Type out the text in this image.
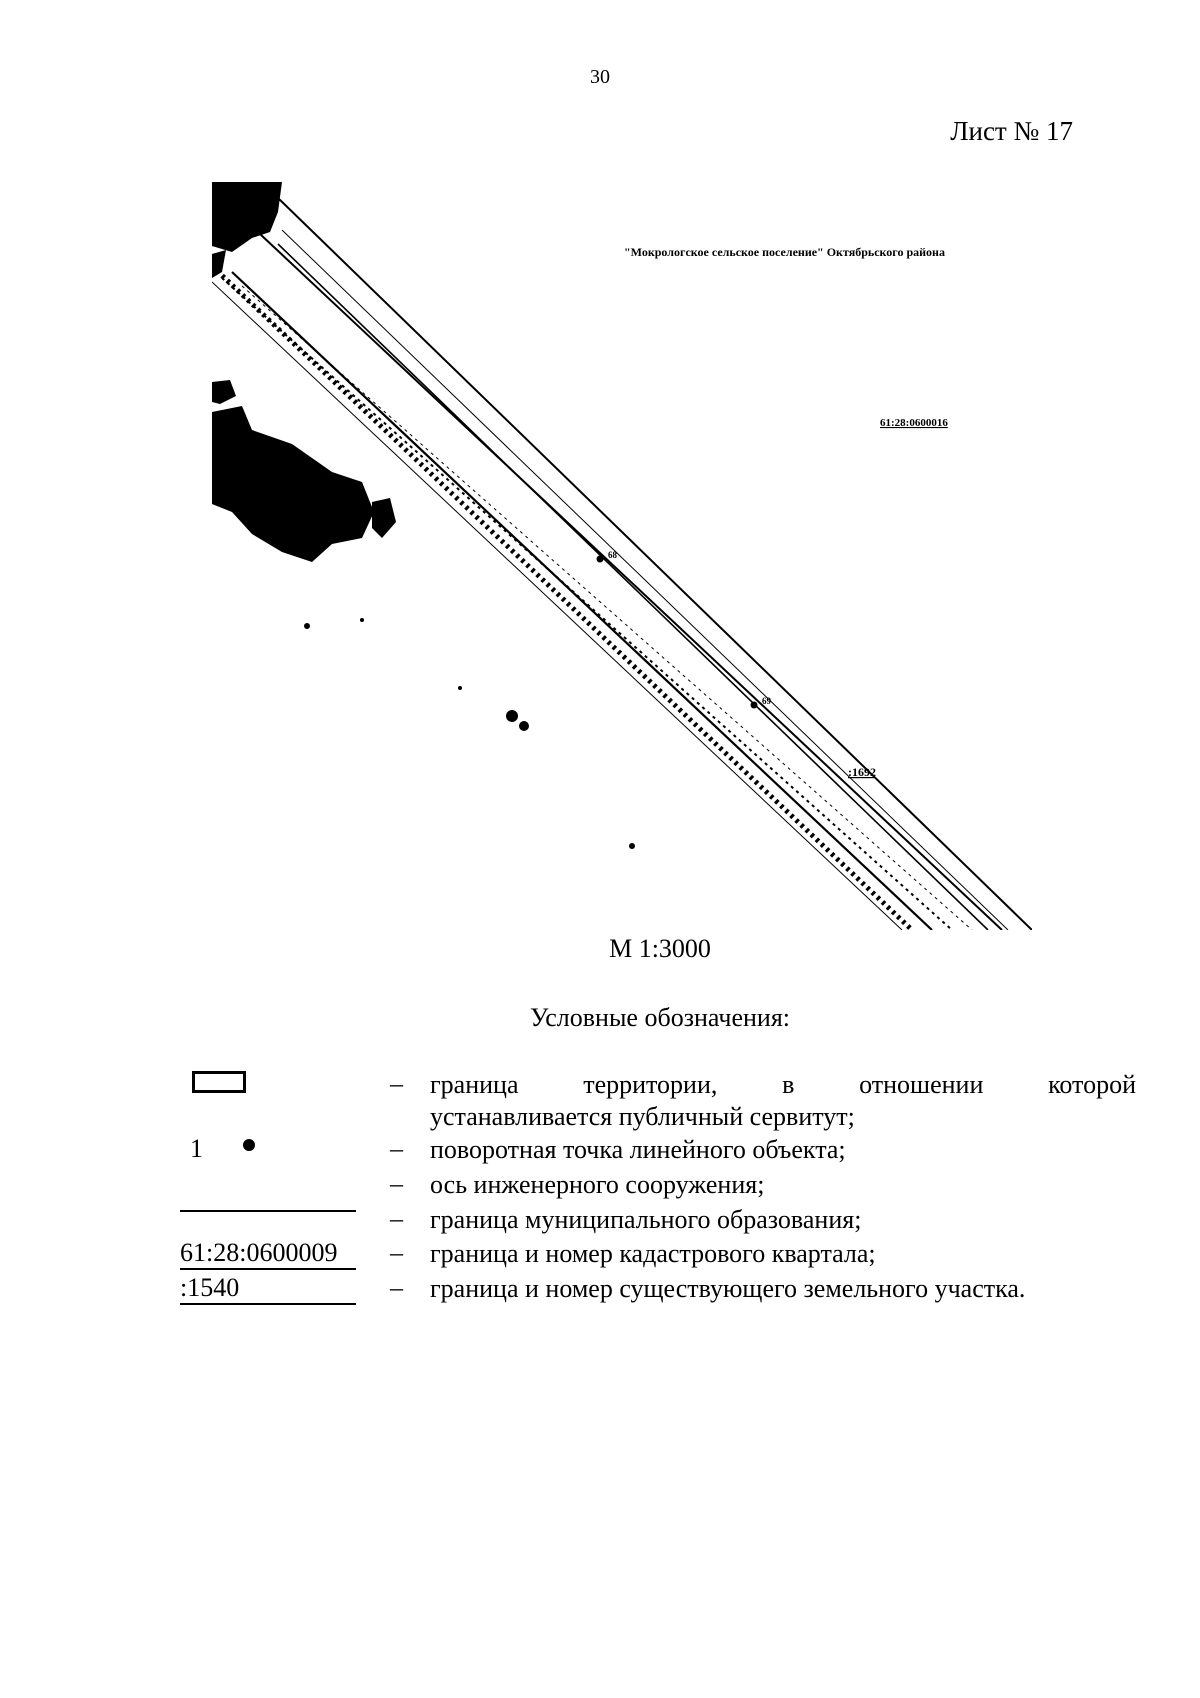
30
Лист № 17
68
69
"Мокрологское сельское поселение" Октябрьского района
61:28:0600016
:1692
М 1:3000
Условные обозначения:
– граница территории, в отношении которой
устанавливается публичный сервитут;
1	– поворотная точка линейного объекта;
– ось инженерного сооружения;
– граница муниципального образования;
61:28:0600009	– граница и номер кадастрового квартала;
:1540	– граница и номер существующего земельного участка.
